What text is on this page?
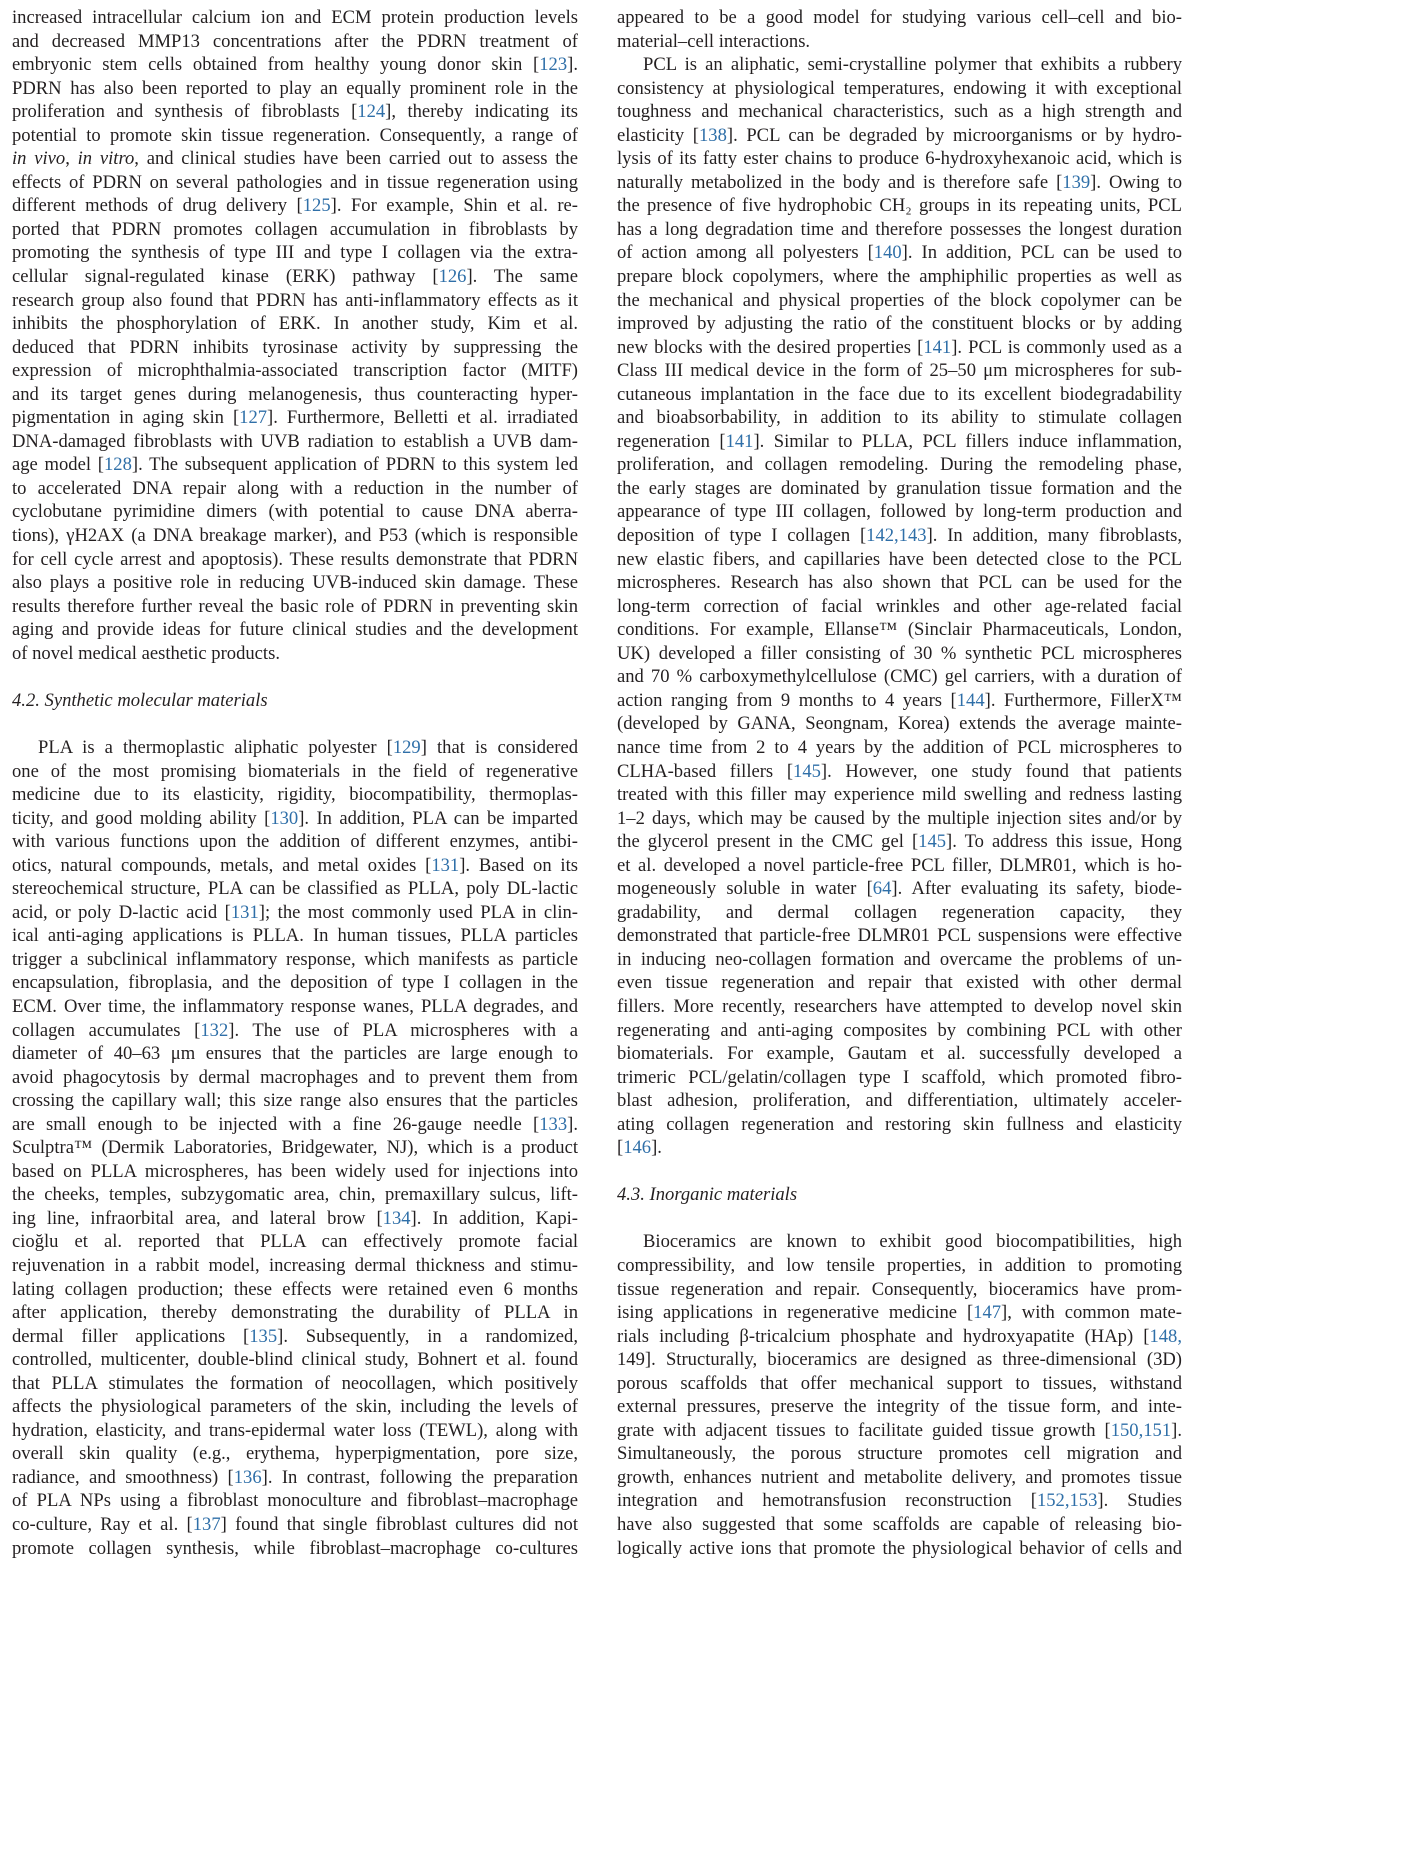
increased intracellular calcium ion and ECM protein production levels
and decreased MMP13 concentrations after the PDRN treatment of
embryonic stem cells obtained from healthy young donor skin [123].
PDRN has also been reported to play an equally prominent role in the
proliferation and synthesis of fibroblasts [124], thereby indicating its
potential to promote skin tissue regeneration. Consequently, a range of
in vivo, in vitro, and clinical studies have been carried out to assess the
effects of PDRN on several pathologies and in tissue regeneration using
different methods of drug delivery [125]. For example, Shin et al. re-
ported that PDRN promotes collagen accumulation in fibroblasts by
promoting the synthesis of type III and type I collagen via the extra-
cellular signal-regulated kinase (ERK) pathway [126]. The same
research group also found that PDRN has anti-inflammatory effects as it
inhibits the phosphorylation of ERK. In another study, Kim et al.
deduced that PDRN inhibits tyrosinase activity by suppressing the
expression of microphthalmia-associated transcription factor (MITF)
and its target genes during melanogenesis, thus counteracting hyper-
pigmentation in aging skin [127]. Furthermore, Belletti et al. irradiated
DNA-damaged fibroblasts with UVB radiation to establish a UVB dam-
age model [128]. The subsequent application of PDRN to this system led
to accelerated DNA repair along with a reduction in the number of
cyclobutane pyrimidine dimers (with potential to cause DNA aberra-
tions), γH2AX (a DNA breakage marker), and P53 (which is responsible
for cell cycle arrest and apoptosis). These results demonstrate that PDRN
also plays a positive role in reducing UVB-induced skin damage. These
results therefore further reveal the basic role of PDRN in preventing skin
aging and provide ideas for future clinical studies and the development
of novel medical aesthetic products.
4.2. Synthetic molecular materials
PLA is a thermoplastic aliphatic polyester [129] that is considered
one of the most promising biomaterials in the field of regenerative
medicine due to its elasticity, rigidity, biocompatibility, thermoplas-
ticity, and good molding ability [130]. In addition, PLA can be imparted
with various functions upon the addition of different enzymes, antibi-
otics, natural compounds, metals, and metal oxides [131]. Based on its
stereochemical structure, PLA can be classified as PLLA, poly DL-lactic
acid, or poly D-lactic acid [131]; the most commonly used PLA in clin-
ical anti-aging applications is PLLA. In human tissues, PLLA particles
trigger a subclinical inflammatory response, which manifests as particle
encapsulation, fibroplasia, and the deposition of type I collagen in the
ECM. Over time, the inflammatory response wanes, PLLA degrades, and
collagen accumulates [132]. The use of PLA microspheres with a
diameter of 40–63 μm ensures that the particles are large enough to
avoid phagocytosis by dermal macrophages and to prevent them from
crossing the capillary wall; this size range also ensures that the particles
are small enough to be injected with a fine 26-gauge needle [133].
Sculptra™ (Dermik Laboratories, Bridgewater, NJ), which is a product
based on PLLA microspheres, has been widely used for injections into
the cheeks, temples, subzygomatic area, chin, premaxillary sulcus, lift-
ing line, infraorbital area, and lateral brow [134]. In addition, Kapi-
cioğlu et al. reported that PLLA can effectively promote facial
rejuvenation in a rabbit model, increasing dermal thickness and stimu-
lating collagen production; these effects were retained even 6 months
after application, thereby demonstrating the durability of PLLA in
dermal filler applications [135]. Subsequently, in a randomized,
controlled, multicenter, double-blind clinical study, Bohnert et al. found
that PLLA stimulates the formation of neocollagen, which positively
affects the physiological parameters of the skin, including the levels of
hydration, elasticity, and trans-epidermal water loss (TEWL), along with
overall skin quality (e.g., erythema, hyperpigmentation, pore size,
radiance, and smoothness) [136]. In contrast, following the preparation
of PLA NPs using a fibroblast monoculture and fibroblast–macrophage
co-culture, Ray et al. [137] found that single fibroblast cultures did not
promote collagen synthesis, while fibroblast–macrophage co-cultures
appeared to be a good model for studying various cell–cell and bio-
material–cell interactions.
PCL is an aliphatic, semi-crystalline polymer that exhibits a rubbery
consistency at physiological temperatures, endowing it with exceptional
toughness and mechanical characteristics, such as a high strength and
elasticity [138]. PCL can be degraded by microorganisms or by hydro-
lysis of its fatty ester chains to produce 6-hydroxyhexanoic acid, which is
naturally metabolized in the body and is therefore safe [139]. Owing to
the presence of five hydrophobic CH₂ groups in its repeating units, PCL
has a long degradation time and therefore possesses the longest duration
of action among all polyesters [140]. In addition, PCL can be used to
prepare block copolymers, where the amphiphilic properties as well as
the mechanical and physical properties of the block copolymer can be
improved by adjusting the ratio of the constituent blocks or by adding
new blocks with the desired properties [141]. PCL is commonly used as a
Class III medical device in the form of 25–50 μm microspheres for sub-
cutaneous implantation in the face due to its excellent biodegradability
and bioabsorbability, in addition to its ability to stimulate collagen
regeneration [141]. Similar to PLLA, PCL fillers induce inflammation,
proliferation, and collagen remodeling. During the remodeling phase,
the early stages are dominated by granulation tissue formation and the
appearance of type III collagen, followed by long-term production and
deposition of type I collagen [142,143]. In addition, many fibroblasts,
new elastic fibers, and capillaries have been detected close to the PCL
microspheres. Research has also shown that PCL can be used for the
long-term correction of facial wrinkles and other age-related facial
conditions. For example, Ellanse™ (Sinclair Pharmaceuticals, London,
UK) developed a filler consisting of 30 % synthetic PCL microspheres
and 70 % carboxymethylcellulose (CMC) gel carriers, with a duration of
action ranging from 9 months to 4 years [144]. Furthermore, FillerX™
(developed by GANA, Seongnam, Korea) extends the average mainte-
nance time from 2 to 4 years by the addition of PCL microspheres to
CLHA-based fillers [145]. However, one study found that patients
treated with this filler may experience mild swelling and redness lasting
1–2 days, which may be caused by the multiple injection sites and/or by
the glycerol present in the CMC gel [145]. To address this issue, Hong
et al. developed a novel particle-free PCL filler, DLMR01, which is ho-
mogeneously soluble in water [64]. After evaluating its safety, biode-
gradability, and dermal collagen regeneration capacity, they
demonstrated that particle-free DLMR01 PCL suspensions were effective
in inducing neo-collagen formation and overcame the problems of un-
even tissue regeneration and repair that existed with other dermal
fillers. More recently, researchers have attempted to develop novel skin
regenerating and anti-aging composites by combining PCL with other
biomaterials. For example, Gautam et al. successfully developed a
trimeric PCL/gelatin/collagen type I scaffold, which promoted fibro-
blast adhesion, proliferation, and differentiation, ultimately acceler-
ating collagen regeneration and restoring skin fullness and elasticity
[146].
4.3. Inorganic materials
Bioceramics are known to exhibit good biocompatibilities, high
compressibility, and low tensile properties, in addition to promoting
tissue regeneration and repair. Consequently, bioceramics have prom-
ising applications in regenerative medicine [147], with common mate-
rials including β-tricalcium phosphate and hydroxyapatite (HAp) [148,
149]. Structurally, bioceramics are designed as three-dimensional (3D)
porous scaffolds that offer mechanical support to tissues, withstand
external pressures, preserve the integrity of the tissue form, and inte-
grate with adjacent tissues to facilitate guided tissue growth [150,151].
Simultaneously, the porous structure promotes cell migration and
growth, enhances nutrient and metabolite delivery, and promotes tissue
integration and hemotransfusion reconstruction [152,153]. Studies
have also suggested that some scaffolds are capable of releasing bio-
logically active ions that promote the physiological behavior of cells and
